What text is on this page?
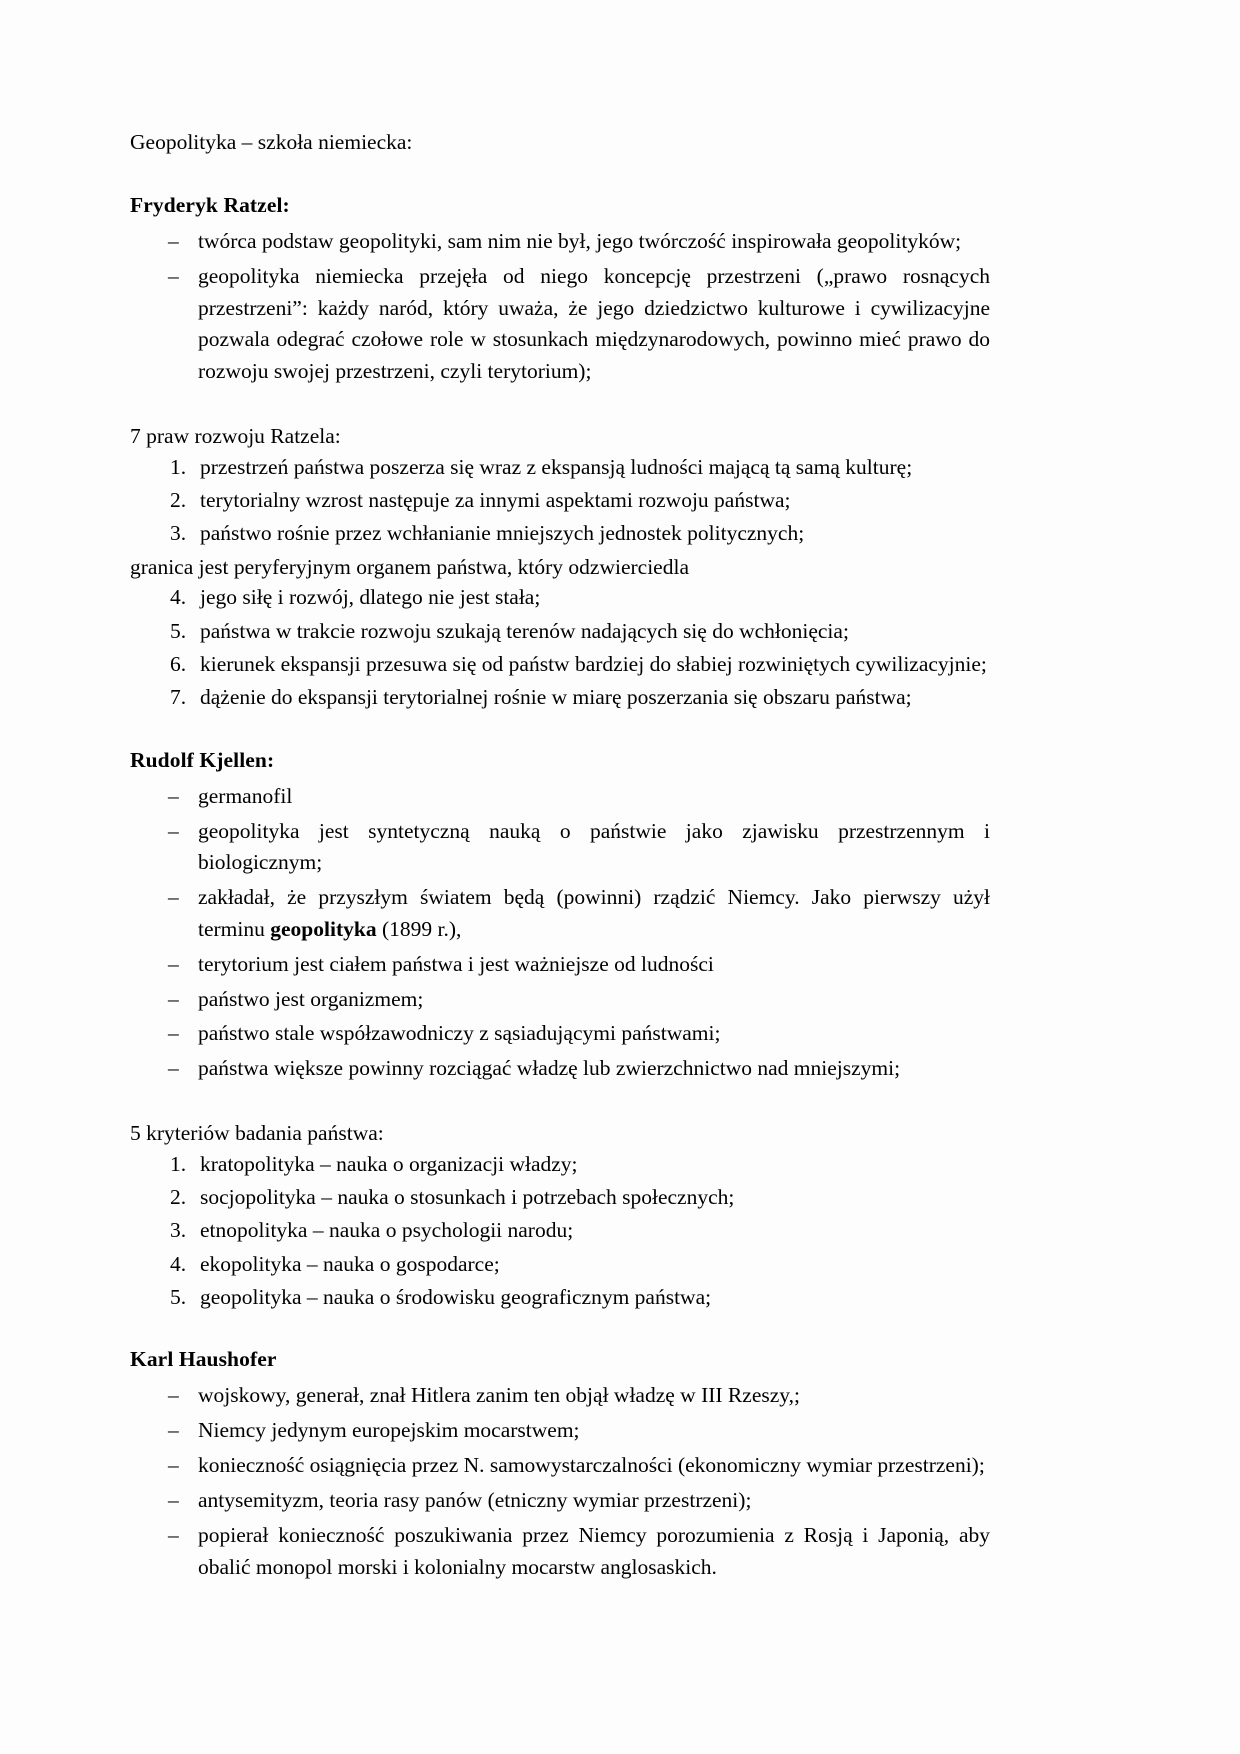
Geopolityka – szkoła niemiecka:

Fryderyk Ratzel:
– twórca podstaw geopolityki, sam nim nie był, jego twórczość inspirowała geopolityków;
– geopolityka niemiecka przejęła od niego koncepcję przestrzeni („prawo rosnących przestrzeni”: każdy naród, który uważa, że jego dziedzictwo kulturowe i cywilizacyjne pozwala odegrać czołowe role w stosunkach międzynarodowych, powinno mieć prawo do rozwoju swojej przestrzeni, czyli terytorium);

7 praw rozwoju Ratzela:

przestrzeń państwa poszerza się wraz z ekspansją ludności mającą tą samą kulturę;
terytorialny wzrost następuje za innymi aspektami rozwoju państwa;
państwo rośnie przez wchłanianie mniejszych jednostek politycznych;

granica jest peryferyjnym organem państwa, który odzwierciedla

jego siłę i rozwój, dlatego nie jest stała;
państwa w trakcie rozwoju szukają terenów nadających się do wchłonięcia;
kierunek ekspansji przesuwa się od państw bardziej do słabiej rozwiniętych cywilizacyjnie;
dążenie do ekspansji terytorialnej rośnie w miarę poszerzania się obszaru państwa;
Rudolf Kjellen:
– germanofil
– geopolityka jest syntetyczną nauką o państwie jako zjawisku przestrzennym i biologicznym;
– zakładał, że przyszłym światem będą (powinni) rządzić Niemcy. Jako pierwszy użył terminu geopolityka (1899 r.),
– terytorium jest ciałem państwa i jest ważniejsze od ludności
– państwo jest organizmem;
– państwo stale współzawodniczy z sąsiadującymi państwami;
– państwa większe powinny rozciągać władzę lub zwierzchnictwo nad mniejszymi;

5 kryteriów badania państwa:

kratopolityka – nauka o organizacji władzy;
socjopolityka – nauka o stosunkach i potrzebach społecznych;
etnopolityka – nauka o psychologii narodu;
ekopolityka – nauka o gospodarce;
geopolityka – nauka o środowisku geograficznym państwa;
Karl Haushofer
– wojskowy, generał, znał Hitlera zanim ten objął władzę w III Rzeszy,;
– Niemcy jedynym europejskim mocarstwem;
– konieczność osiągnięcia przez N. samowystarczalności (ekonomiczny wymiar przestrzeni);
– antysemityzm, teoria rasy panów (etniczny wymiar przestrzeni);
– popierał konieczność poszukiwania przez Niemcy porozumienia z Rosją i Japonią, aby obalić monopol morski i kolonialny mocarstw anglosaskich.
